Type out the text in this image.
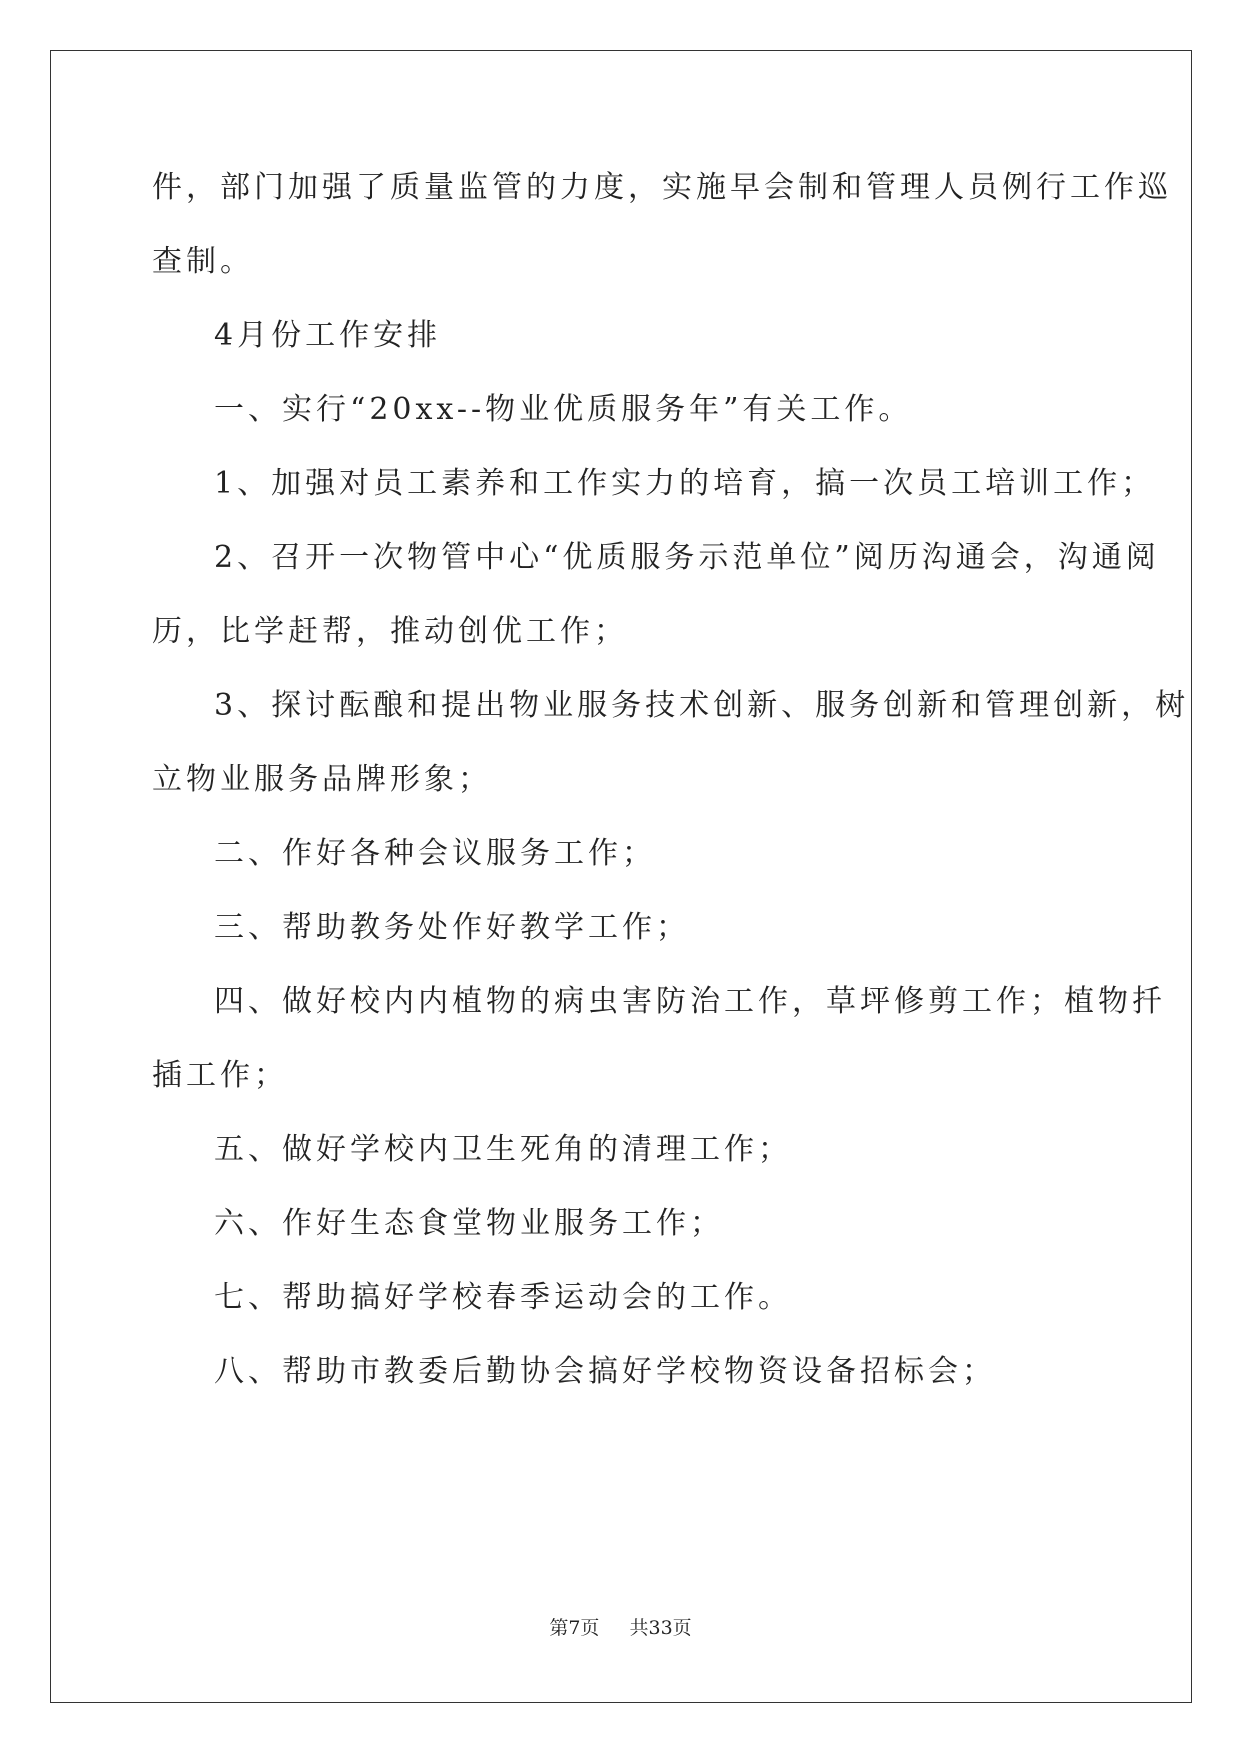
件，部门加强了质量监管的力度，实施早会制和管理人员例行工作巡
查制。
4月份工作安排
一、实行“20xx--物业优质服务年”有关工作。
1、加强对员工素养和工作实力的培育，搞一次员工培训工作；
2、召开一次物管中心“优质服务示范单位”阅历沟通会，沟通阅
历，比学赶帮，推动创优工作；
3、探讨酝酿和提出物业服务技术创新、服务创新和管理创新，树
立物业服务品牌形象；
二、作好各种会议服务工作；
三、帮助教务处作好教学工作；
四、做好校内内植物的病虫害防治工作，草坪修剪工作；植物扦
插工作；
五、做好学校内卫生死角的清理工作；
六、作好生态食堂物业服务工作；
七、帮助搞好学校春季运动会的工作。
八、帮助市教委后勤协会搞好学校物资设备招标会；
第7页 共33页
